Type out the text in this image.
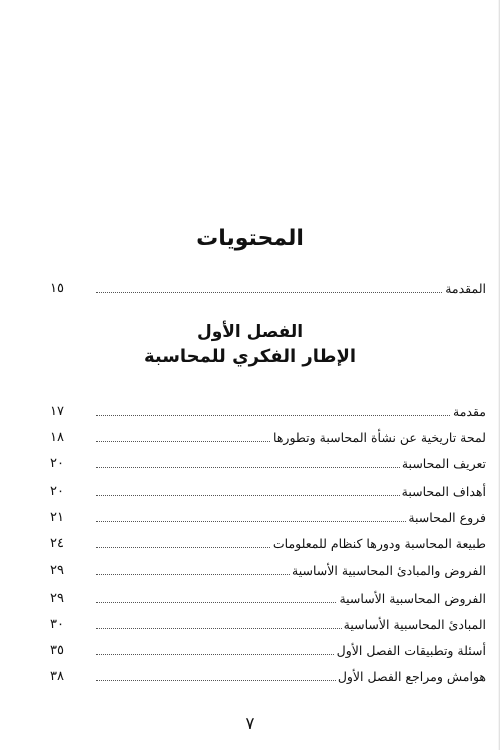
المحتويات
المقدمة
١٥
الفصل الأول
الإطار الفكري للمحاسبة
مقدمة
١٧
لمحة تاريخية عن نشأة المحاسبة وتطورها
١٨
تعريف المحاسبة
٢٠
أهداف المحاسبة
٢٠
فروع المحاسبة
٢١
طبيعة المحاسبة ودورها كنظام للمعلومات
٢٤
الفروض والمبادئ المحاسبية الأساسية
٢٩
الفروض المحاسبية الأساسية
٢٩
المبادئ المحاسبية الأساسية
٣٠
أسئلة وتطبيقات الفصل الأول
٣٥
هوامش ومراجع الفصل الأول
٣٨
٧
